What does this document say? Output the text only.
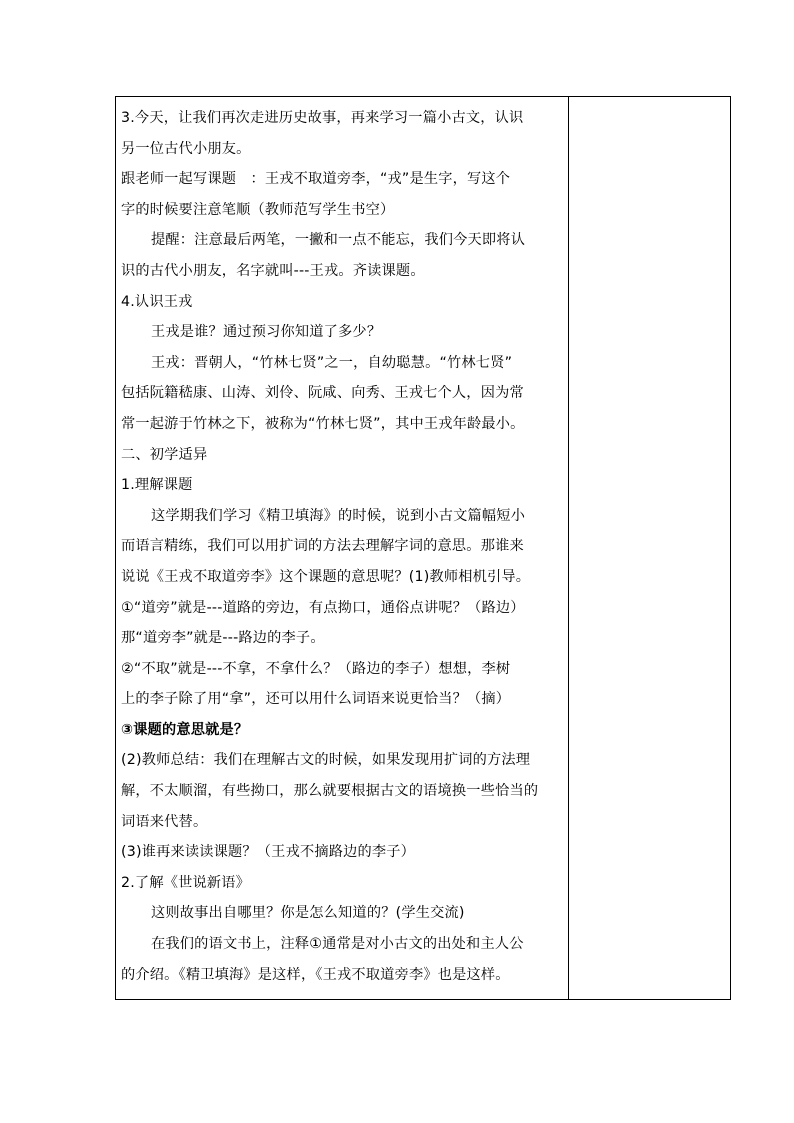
3.今天，让我们再次走进历史故事，再来学习一篇小古文，认识
另一位古代小朋友。
跟老师一起写课题　：王戎不取道旁李，“戎”是生字，写这个
字的时候要注意笔顺（教师范写学生书空）
提醒：注意最后两笔，一撇和一点不能忘，我们今天即将认
识的古代小朋友，名字就叫---王戎。齐读课题。
4.认识王戎
王戎是谁？通过预习你知道了多少？
王戎：晋朝人，“竹林七贤”之一，自幼聪慧。“竹林七贤”
包括阮籍嵇康、山涛、刘伶、阮咸、向秀、王戎七个人，因为常
常一起游于竹林之下，被称为“竹林七贤”，其中王戎年龄最小。
二、初学适异
1.理解课题
这学期我们学习《精卫填海》的时候，说到小古文篇幅短小
而语言精练，我们可以用扩词的方法去理解字词的意思。那谁来
说说《王戎不取道旁李》这个课题的意思呢？(1)教师相机引导。
①“道旁”就是---道路的旁边，有点拗口，通俗点讲呢？（路边）
那“道旁李”就是---路边的李子。
②“不取”就是---不拿，不拿什么？（路边的李子）想想，李树
上的李子除了用“拿”，还可以用什么词语来说更恰当？（摘）
③课题的意思就是？
(2)教师总结：我们在理解古文的时候，如果发现用扩词的方法理
解，不太顺溜，有些拗口，那么就要根据古文的语境换一些恰当的
词语来代替。
(3)谁再来读读课题？（王戎不摘路边的李子）
2.了解《世说新语》
这则故事出自哪里？你是怎么知道的？(学生交流)
在我们的语文书上，注释①通常是对小古文的出处和主人公
的介绍。《精卫填海》是这样，《王戎不取道旁李》也是这样。
